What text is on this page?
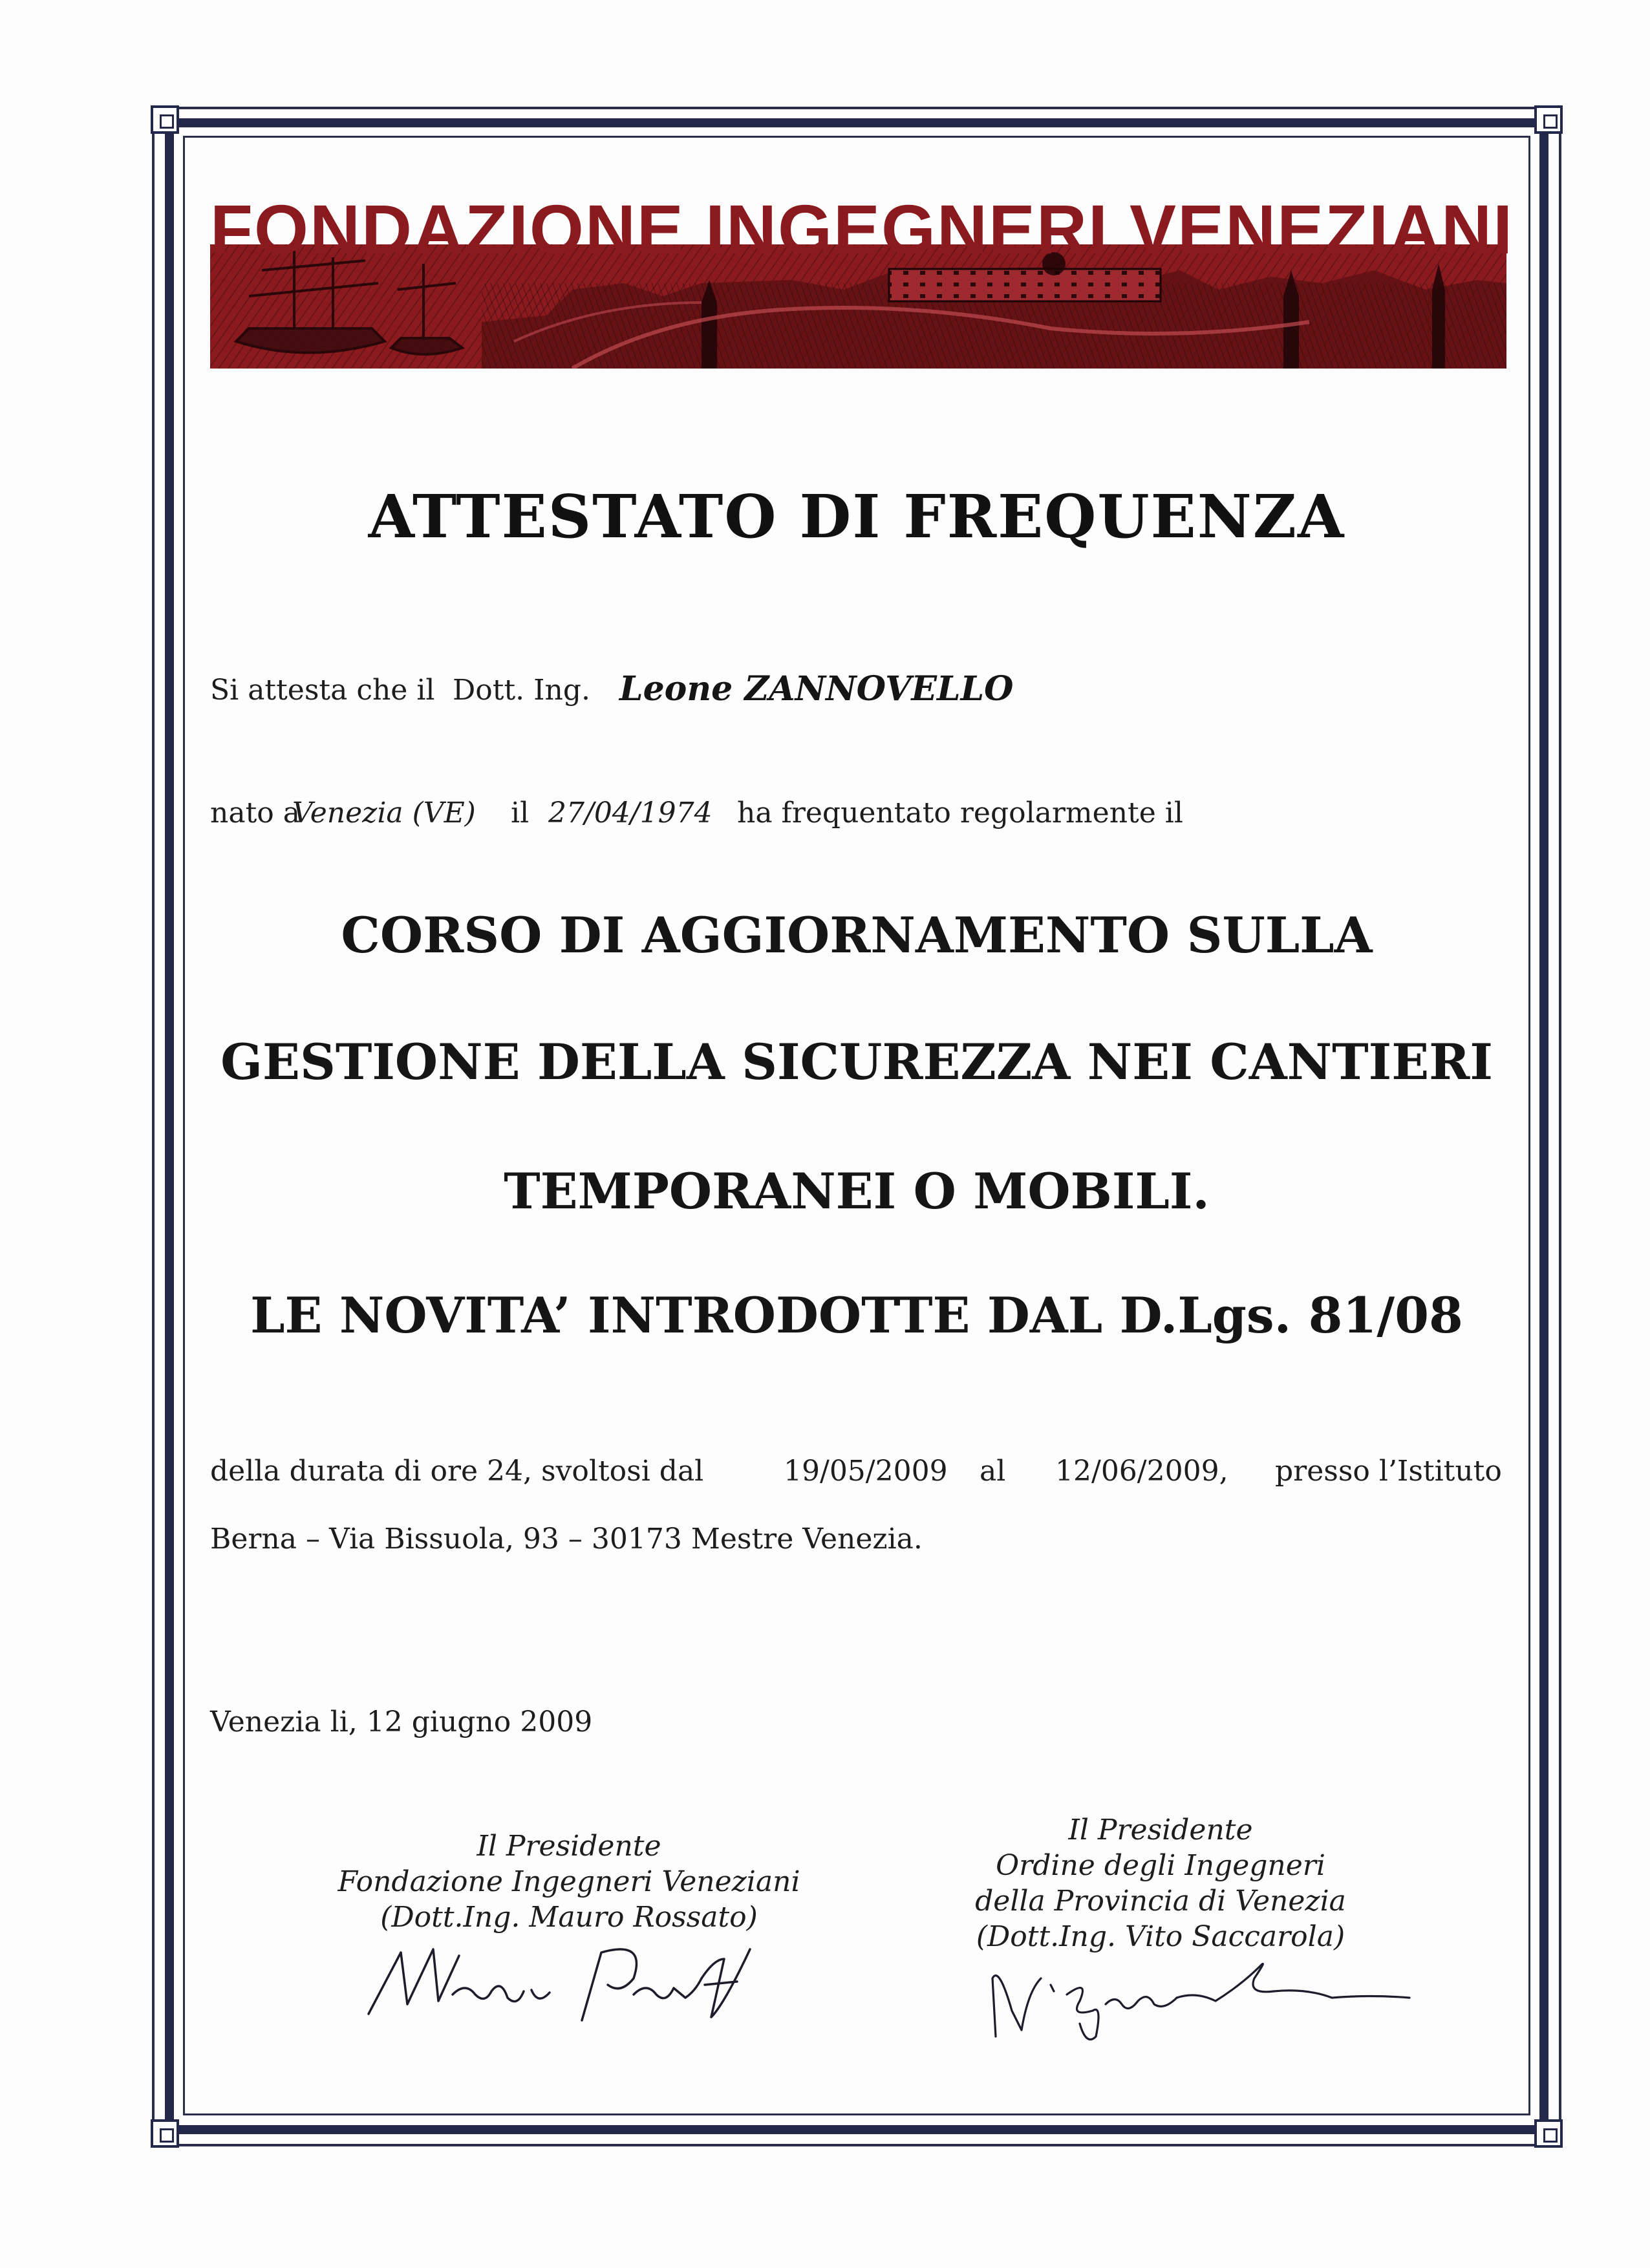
FONDAZIONE INGEGNERI VENEZIANI
ATTESTATO DI FREQUENZA
Si attesta che il Dott. Ing. Leone ZANNOVELLO
nato a
Venezia (VE) il 27/04/1974 ha frequentato regolarmente il
CORSO DI AGGIORNAMENTO SULLA
GESTIONE DELLA SICUREZZA NEI CANTIERI
TEMPORANEI O MOBILI.
LE NOVITA’ INTRODOTTE DAL D.Lgs. 81/08
della durata di ore 24, svoltosi dal	19/05/2009 al 12/06/2009, presso l’Istituto
Berna – Via Bissuola, 93 – 30173 Mestre Venezia.
Venezia li, 12 giugno 2009
Il Presidente
Fondazione Ingegneri Veneziani
(Dott.Ing. Mauro Rossato)
Il Presidente
Ordine degli Ingegneri
della Provincia di Venezia
(Dott.Ing. Vito Saccarola)
